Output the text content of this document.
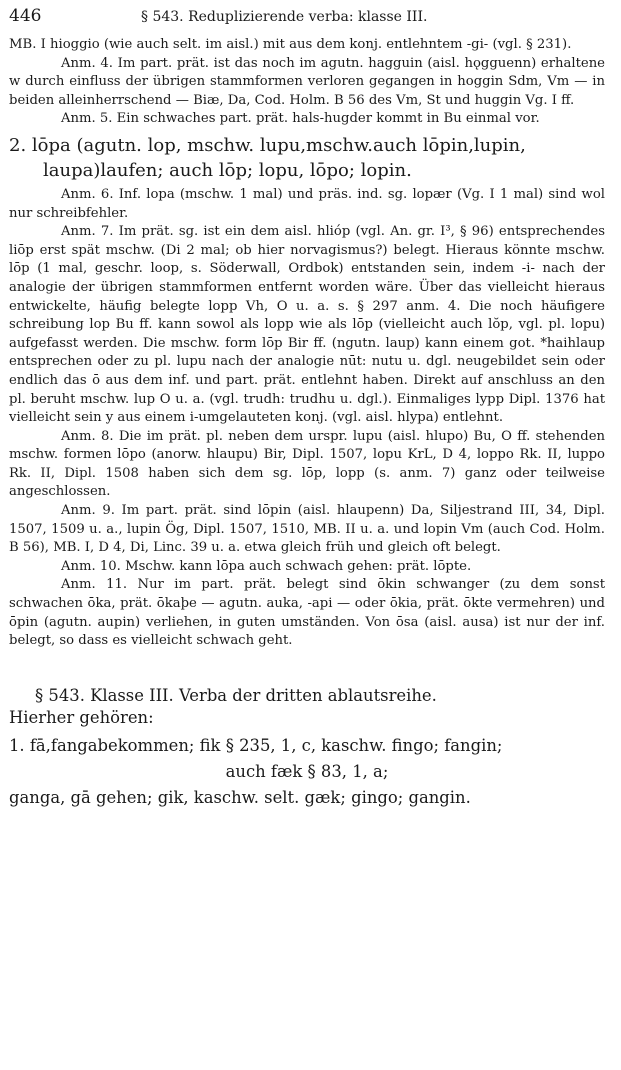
446	§ 543. Reduplizierende verba: klasse III.

MB. I hioggio (wie auch selt. im aisl.) mit aus dem konj. entlehntem -gi- (vgl. § 231).

Anm. 4. Im part. prät. ist das noch im agutn. hagguin (aisl. hǫgguenn) erhaltene w durch einfluss der übrigen stammformen verloren gegangen in hoggin Sdm, Vm — in beiden alleinherrschend — Biæ, Da, Cod. Holm. B 56 des Vm, St und huggin Vg. I ff.

Anm. 5. Ein schwaches part. prät. hals-hugder kommt in Bu einmal vor.

2. lōpa (agutn. lop, mschw. lupu,mschw.auch lōpin,lupin,
laupa)laufen; auch lōp; lopu, lōpo; lopin.

Anm. 6. Inf. lopa (mschw. 1 mal) und präs. ind. sg. lopær (Vg. I 1 mal) sind wol nur schreibfehler.

Anm. 7. Im prät. sg. ist ein dem aisl. hlióp (vgl. An. gr. I³, § 96) entsprechendes liōp erst spät mschw. (Di 2 mal; ob hier norvagismus?) belegt. Hieraus könnte mschw. lōp (1 mal, geschr. loop, s. Söderwall, Ordbok) entstanden sein, indem -i- nach der analogie der übrigen stammformen entfernt worden wäre. Über das vielleicht hieraus entwickelte, häufig belegte lopp Vh, O u. a. s. § 297 anm. 4. Die noch häufigere schreibung lop Bu ff. kann sowol als lopp wie als lōp (vielleicht auch lŏp, vgl. pl. lopu) aufgefasst werden. Die mschw. form lōp Bir ff. (ngutn. laup) kann einem got. *haihlaup entsprechen oder zu pl. lupu nach der analogie nūt: nutu u. dgl. neugebildet sein oder endlich das ō aus dem inf. und part. prät. entlehnt haben. Direkt auf anschluss an den pl. beruht mschw. lup O u. a. (vgl. trudh: trudhu u. dgl.). Einmaliges lypp Dipl. 1376 hat vielleicht sein y aus einem i-umgelauteten konj. (vgl. aisl. hlypa) entlehnt.

Anm. 8. Die im prät. pl. neben dem urspr. lupu (aisl. hlupo) Bu, O ff. stehenden mschw. formen lōpo (anorw. hlaupu) Bir, Dipl. 1507, lopu KrL, D 4, loppo Rk. II, luppo Rk. II, Dipl. 1508 haben sich dem sg. lōp, lopp (s. anm. 7) ganz oder teilweise angeschlossen.

Anm. 9. Im part. prät. sind lōpin (aisl. hlaupenn) Da, Siljestrand III, 34, Dipl. 1507, 1509 u. a., lupin Ög, Dipl. 1507, 1510, MB. II u. a. und lopin Vm (auch Cod. Holm. B 56), MB. I, D 4, Di, Linc. 39 u. a. etwa gleich früh und gleich oft belegt.

Anm. 10. Mschw. kann lōpa auch schwach gehen: prät. lōpte.

Anm. 11. Nur im part. prät. belegt sind ōkin schwanger (zu dem sonst schwachen ōka, prät. ōkaþe — agutn. auka, -api — oder ōkia, prät. ōkte vermehren) und ōpin (agutn. aupin) verliehen, in guten umständen. Von ōsa (aisl. ausa) ist nur der inf. belegt, so dass es vielleicht schwach geht.

§ 543. Klasse III. Verba der dritten ablautsreihe.
Hierher gehören:
1. fā,fangabekommen; fik § 235, 1, c, kaschw. fingo; fangin;
auch fæk § 83, 1, a;
ganga, gā gehen; gik, kaschw. selt. gæk; gingo; gangin.
